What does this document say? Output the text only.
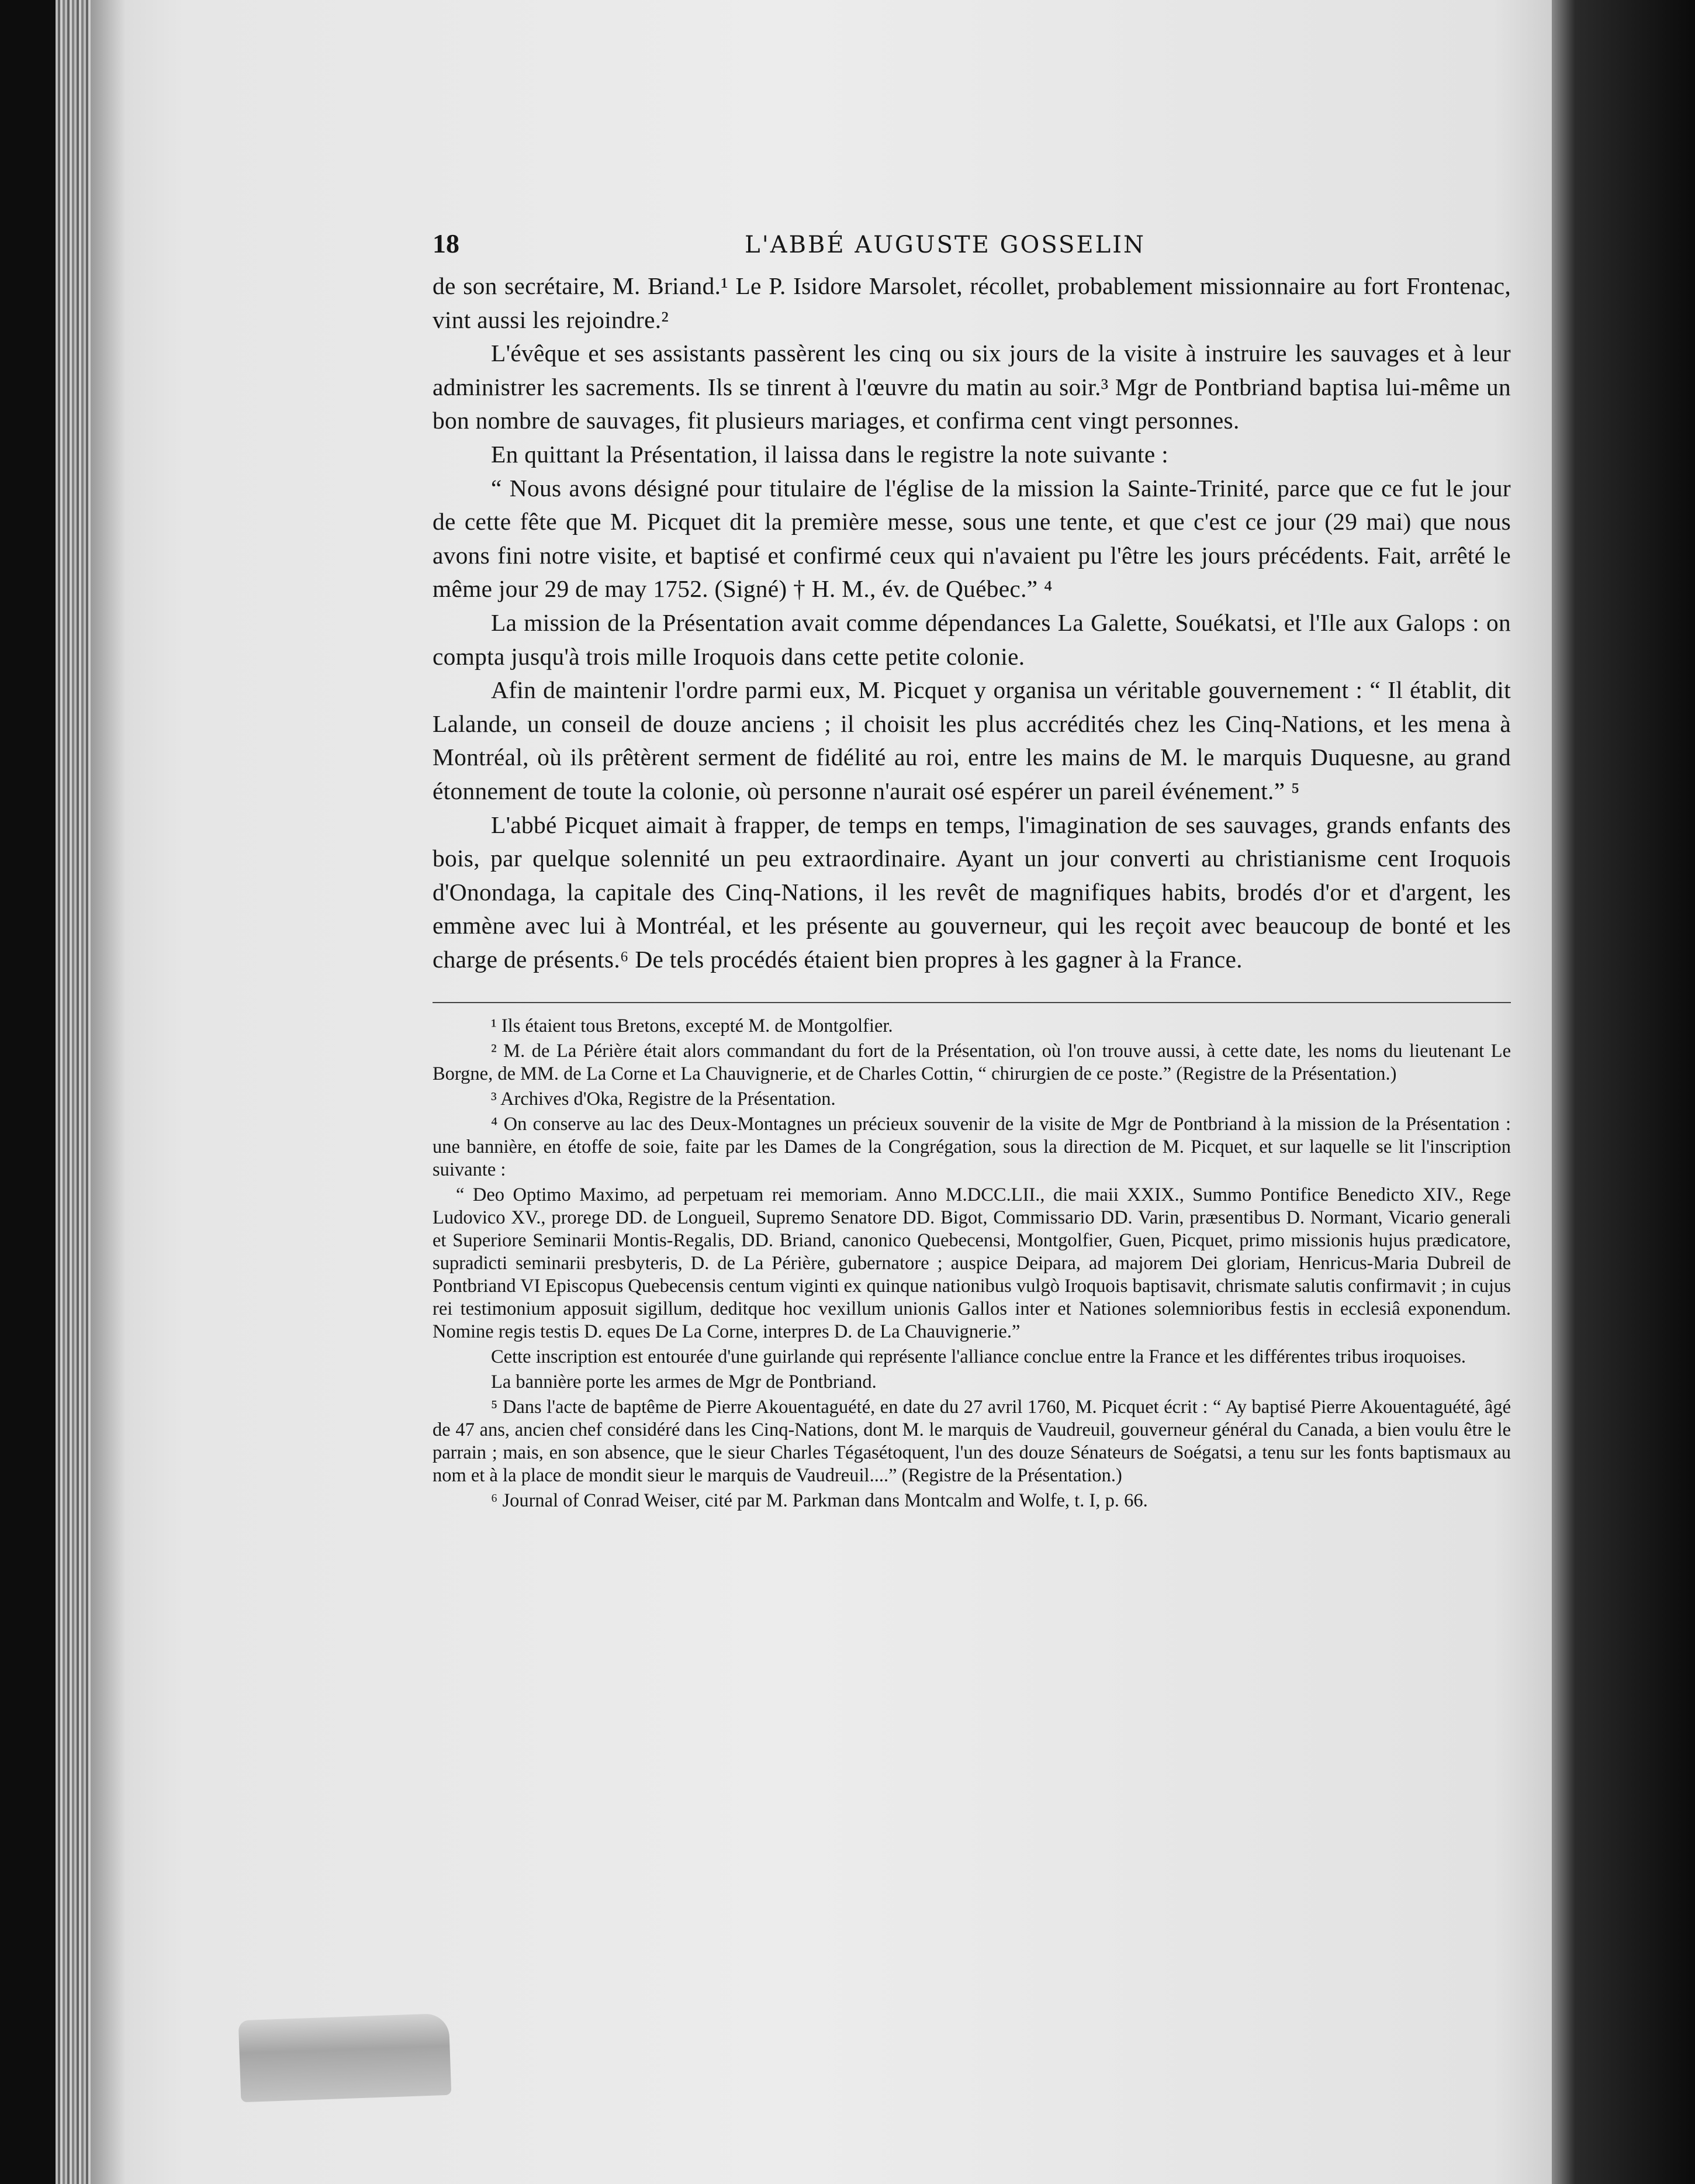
18	L'ABBÉ AUGUSTE GOSSELIN

de son secrétaire, M. Briand.¹ Le P. Isidore Marsolet, récollet, probablement missionnaire au fort Frontenac, vint aussi les rejoindre.²

L'évêque et ses assistants passèrent les cinq ou six jours de la visite à instruire les sauvages et à leur administrer les sacrements. Ils se tinrent à l'œuvre du matin au soir.³ Mgr de Pontbriand baptisa lui-même un bon nombre de sauvages, fit plusieurs mariages, et confirma cent vingt personnes.

En quittant la Présentation, il laissa dans le registre la note suivante :

“ Nous avons désigné pour titulaire de l'église de la mission la Sainte-Trinité, parce que ce fut le jour de cette fête que M. Picquet dit la première messe, sous une tente, et que c'est ce jour (29 mai) que nous avons fini notre visite, et baptisé et confirmé ceux qui n'avaient pu l'être les jours précédents. Fait, arrêté le même jour 29 de may 1752. (Signé) † H. M., év. de Québec.” ⁴

La mission de la Présentation avait comme dépendances La Galette, Souékatsi, et l'Ile aux Galops : on compta jusqu'à trois mille Iroquois dans cette petite colonie.

Afin de maintenir l'ordre parmi eux, M. Picquet y organisa un véritable gouvernement : “ Il établit, dit Lalande, un conseil de douze anciens ; il choisit les plus accrédités chez les Cinq-Nations, et les mena à Montréal, où ils prêtèrent serment de fidélité au roi, entre les mains de M. le marquis Duquesne, au grand étonnement de toute la colonie, où personne n'aurait osé espérer un pareil événement.” ⁵

L'abbé Picquet aimait à frapper, de temps en temps, l'imagination de ses sauvages, grands enfants des bois, par quelque solennité un peu extraordinaire. Ayant un jour converti au christianisme cent Iroquois d'Onondaga, la capitale des Cinq-Nations, il les revêt de magnifiques habits, brodés d'or et d'argent, les emmène avec lui à Montréal, et les présente au gouverneur, qui les reçoit avec beaucoup de bonté et les charge de présents.⁶ De tels procédés étaient bien propres à les gagner à la France.

¹ Ils étaient tous Bretons, excepté M. de Montgolfier.

² M. de La Périère était alors commandant du fort de la Présentation, où l'on trouve aussi, à cette date, les noms du lieutenant Le Borgne, de MM. de La Corne et La Chauvignerie, et de Charles Cottin, “ chirurgien de ce poste.” (Registre de la Présentation.)

³ Archives d'Oka, Registre de la Présentation.

⁴ On conserve au lac des Deux-Montagnes un précieux souvenir de la visite de Mgr de Pontbriand à la mission de la Présentation : une bannière, en étoffe de soie, faite par les Dames de la Congrégation, sous la direction de M. Picquet, et sur laquelle se lit l'inscription suivante :

“ Deo Optimo Maximo, ad perpetuam rei memoriam. Anno M.DCC.LII., die maii XXIX., Summo Pontifice Benedicto XIV., Rege Ludovico XV., prorege DD. de Longueil, Supremo Senatore DD. Bigot, Commissario DD. Varin, præsentibus D. Normant, Vicario generali et Superiore Seminarii Montis-Regalis, DD. Briand, canonico Quebecensi, Montgolfier, Guen, Picquet, primo missionis hujus prædicatore, supradicti seminarii presbyteris, D. de La Périère, gubernatore ; auspice Deipara, ad majorem Dei gloriam, Henricus-Maria Dubreil de Pontbriand VI Episcopus Quebecensis centum viginti ex quinque nationibus vulgò Iroquois baptisavit, chrismate salutis confirmavit ; in cujus rei testimonium apposuit sigillum, deditque hoc vexillum unionis Gallos inter et Nationes solemnioribus festis in ecclesiâ exponendum. Nomine regis testis D. eques De La Corne, interpres D. de La Chauvignerie.”

Cette inscription est entourée d'une guirlande qui représente l'alliance conclue entre la France et les différentes tribus iroquoises.

La bannière porte les armes de Mgr de Pontbriand.

⁵ Dans l'acte de baptême de Pierre Akouentaguété, en date du 27 avril 1760, M. Picquet écrit : “ Ay baptisé Pierre Akouentaguété, âgé de 47 ans, ancien chef considéré dans les Cinq-Nations, dont M. le marquis de Vaudreuil, gouverneur général du Canada, a bien voulu être le parrain ; mais, en son absence, que le sieur Charles Tégasétoquent, l'un des douze Sénateurs de Soégatsi, a tenu sur les fonts baptismaux au nom et à la place de mondit sieur le marquis de Vaudreuil....” (Registre de la Présentation.)

⁶ Journal of Conrad Weiser, cité par M. Parkman dans Montcalm and Wolfe, t. I, p. 66.
